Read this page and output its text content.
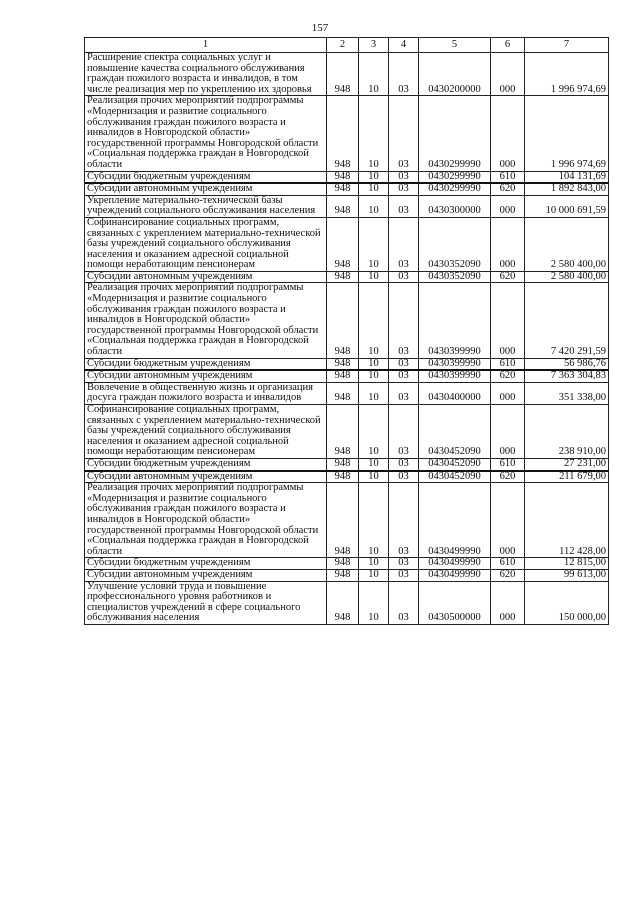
157
1	2	3	4	5	6	7
Расширение спектра социальных услуг и повышение качества социального обслуживания граждан пожилого возраста и инвалидов, в том числе реализация мер по укреплению их здоровья	948	10	03	0430200000	000	1 996 974,69
Реализация прочих мероприятий подпрограммы «Модернизация и развитие социального обслуживания граждан пожилого возраста и инвалидов в Новгородской области» государственной программы Новгородской области «Социальная поддержка граждан в Новгородской области	948	10	03	0430299990	000	1 996 974,69
Субсидии бюджетным учреждениям	948	10	03	0430299990	610	104 131,69
Субсидии автономным учреждениям	948	10	03	0430299990	620	1 892 843,00
Укрепление материально-технической базы учреждений социального обслуживания населения	948	10	03	0430300000	000	10 000 691,59
Софинансирование социальных программ, связанных с укреплением материально-технической базы учреждений социального обслуживания населения и оказанием адресной социальной помощи неработающим пенсионерам	948	10	03	0430352090	000	2 580 400,00
Субсидии автономным учреждениям	948	10	03	0430352090	620	2 580 400,00
Реализация прочих мероприятий подпрограммы «Модернизация и развитие социального обслуживания граждан пожилого возраста и инвалидов в Новгородской области» государственной программы Новгородской области «Социальная поддержка граждан в Новгородской области	948	10	03	0430399990	000	7 420 291,59
Субсидии бюджетным учреждениям	948	10	03	0430399990	610	56 986,76
Субсидии автономным учреждениям	948	10	03	0430399990	620	7 363 304,83
Вовлечение в общественную жизнь и организация досуга граждан пожилого возраста и инвалидов	948	10	03	0430400000	000	351 338,00
Софинансирование социальных программ, связанных с укреплением материально-технической базы учреждений социального обслуживания населения и оказанием адресной социальной помощи неработающим пенсионерам	948	10	03	0430452090	000	238 910,00
Субсидии бюджетным учреждениям	948	10	03	0430452090	610	27 231,00
Субсидии автономным учреждениям	948	10	03	0430452090	620	211 679,00
Реализация прочих мероприятий подпрограммы «Модернизация и развитие социального обслуживания граждан пожилого возраста и инвалидов в Новгородской области» государственной программы Новгородской области «Социальная поддержка граждан в Новгородской области	948	10	03	0430499990	000	112 428,00
Субсидии бюджетным учреждениям	948	10	03	0430499990	610	12 815,00
Субсидии автономным учреждениям	948	10	03	0430499990	620	99 613,00
Улучшение условий труда и повышение профессионального уровня работников и специалистов учреждений в сфере социального обслуживания населения	948	10	03	0430500000	000	150 000,00
